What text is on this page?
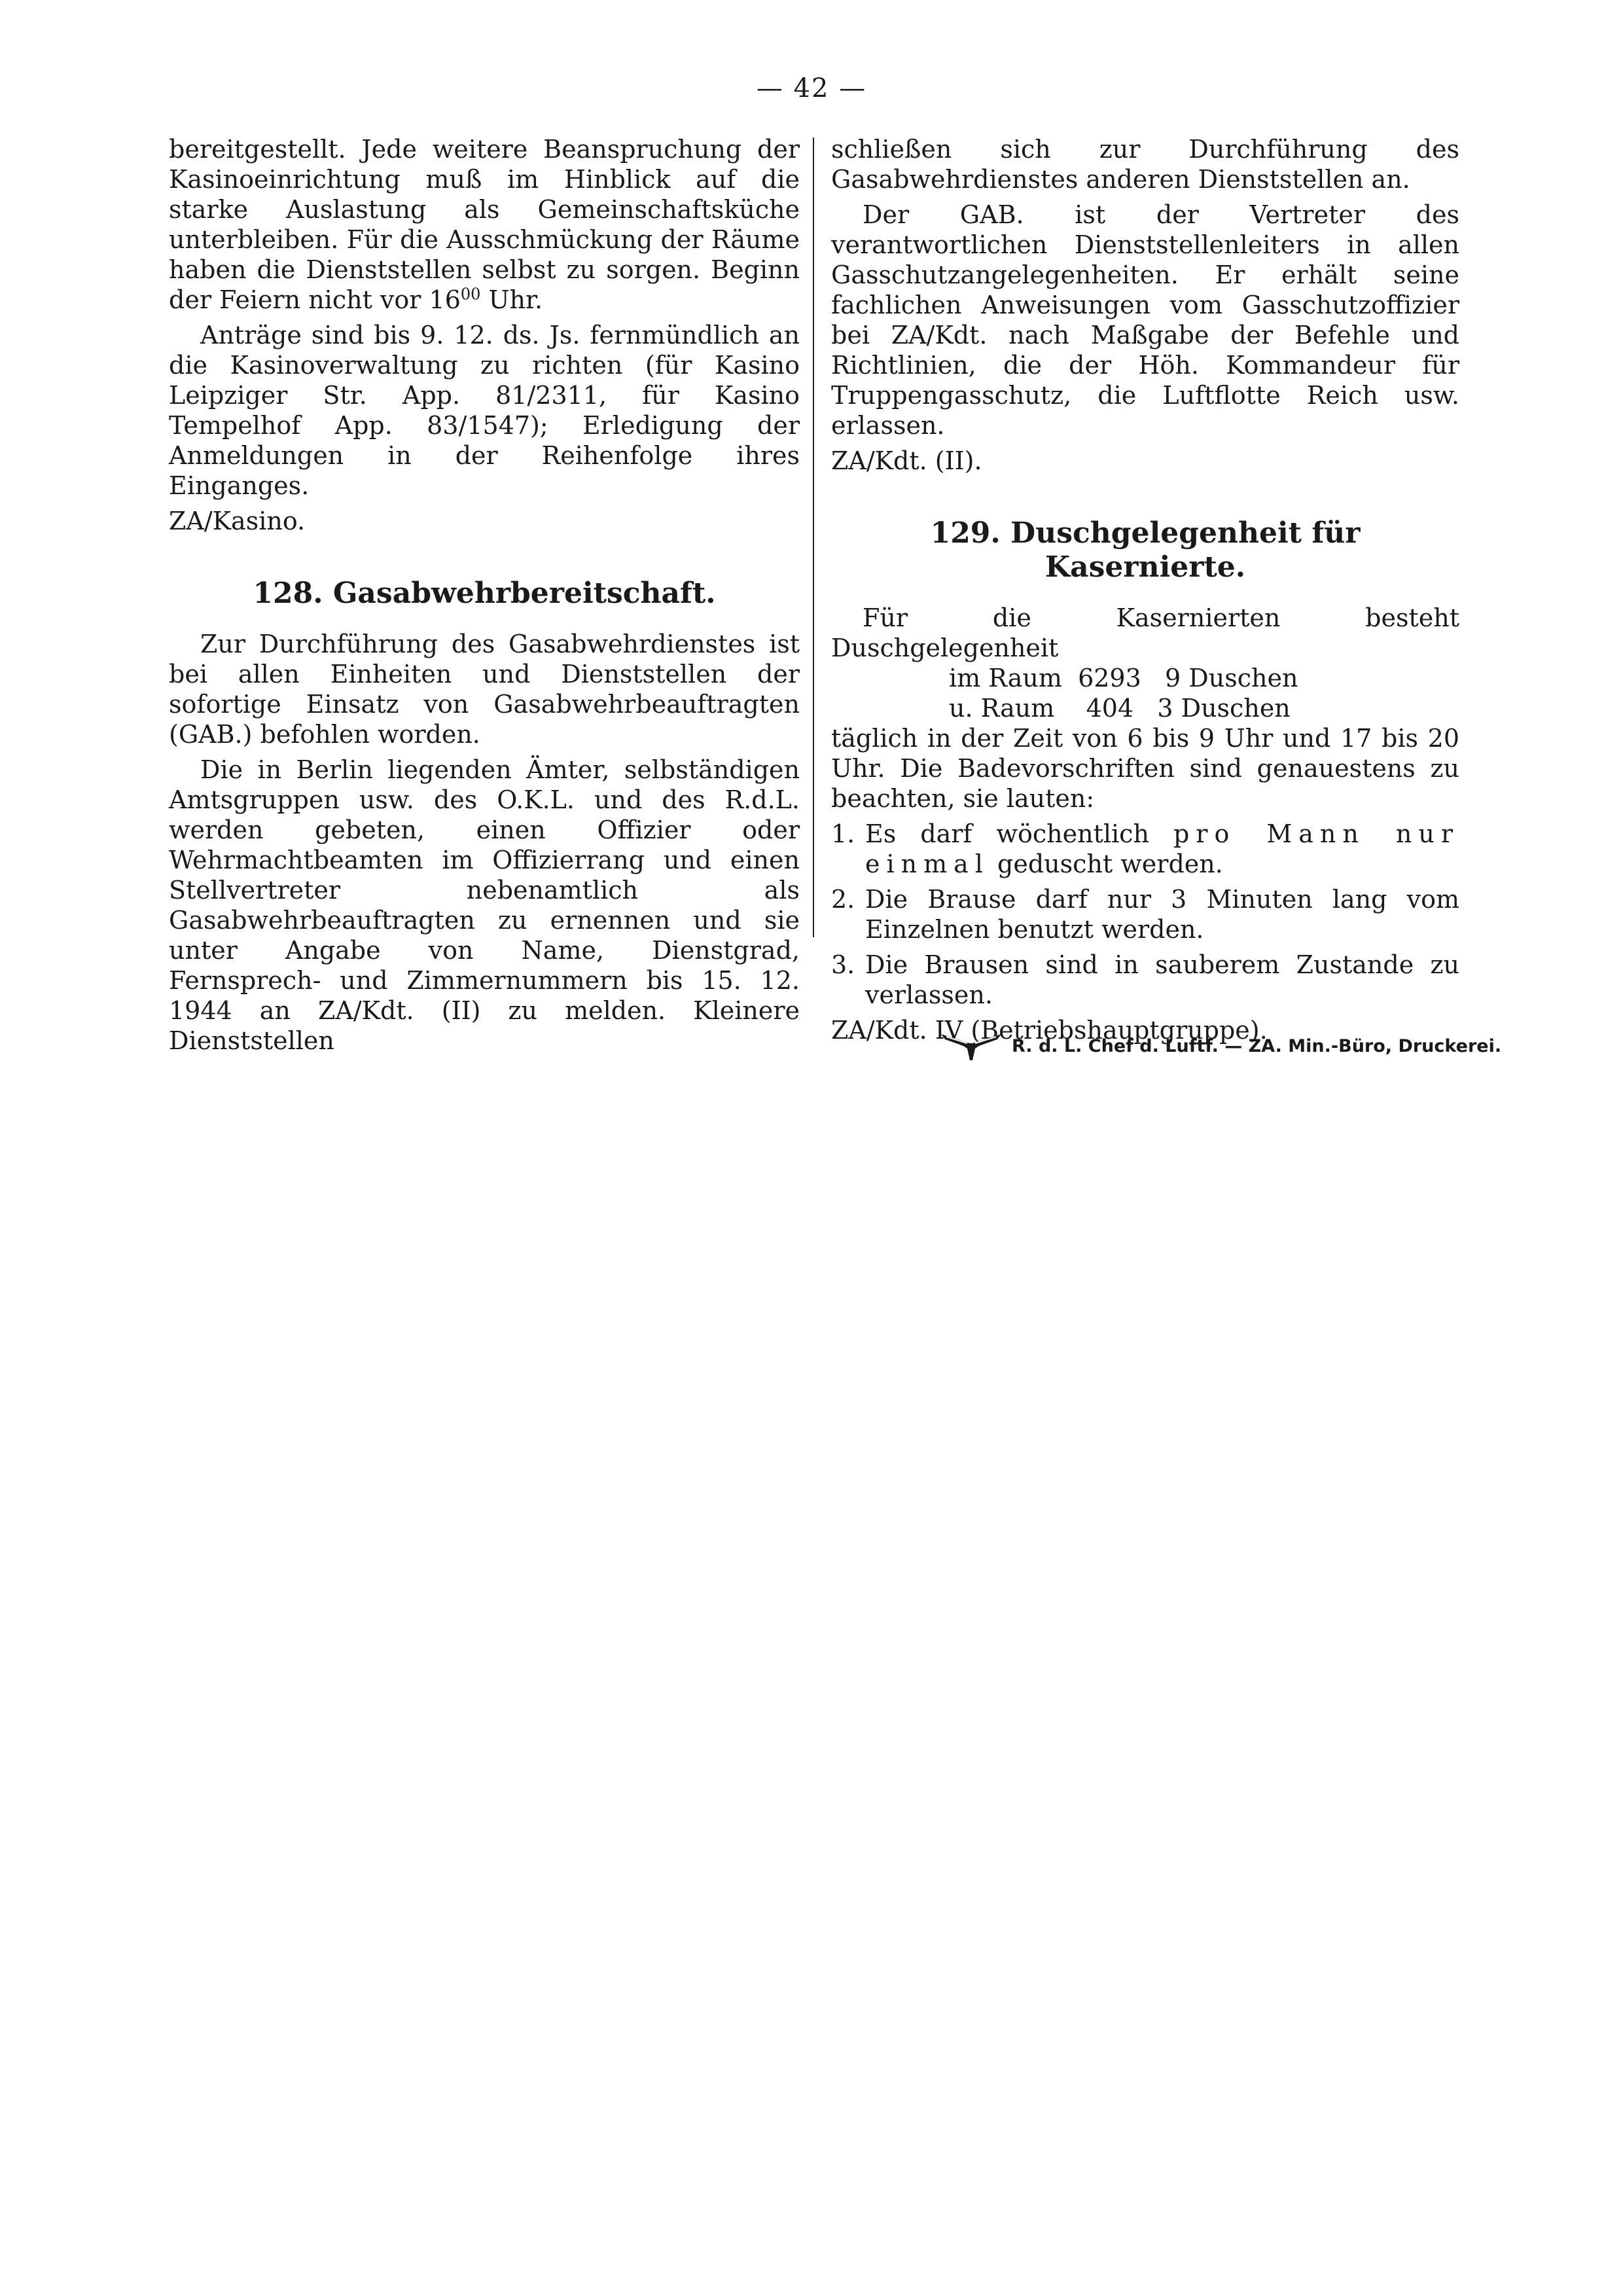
— 42 —

bereitgestellt. Jede weitere Beanspruchung der Kasinoeinrichtung muß im Hinblick auf die starke Auslastung als Gemeinschaftsküche unterbleiben. Für die Ausschmückung der Räume haben die Dienststellen selbst zu sorgen. Beginn der Feiern nicht vor $16^{00}$ Uhr.

Anträge sind bis 9. 12. ds. Js. fernmündlich an die Kasinoverwaltung zu richten (für Kasino Leipziger Str. App. 81/2311, für Kasino Tempelhof App. 83/1547); Erledigung der Anmeldungen in der Reihenfolge ihres Einganges.

ZA/Kasino.

128. Gasabwehrbereitschaft.

Zur Durchführung des Gasabwehrdienstes ist bei allen Einheiten und Dienststellen der sofortige Einsatz von Gasabwehrbeauftragten (GAB.) befohlen worden.

Die in Berlin liegenden Ämter, selbständigen Amtsgruppen usw. des O.K.L. und des R.d.L. werden gebeten, einen Offizier oder Wehrmachtbeamten im Offizierrang und einen Stellvertreter nebenamtlich als Gasabwehrbeauftragten zu ernennen und sie unter Angabe von Name, Dienstgrad, Fernsprech- und Zimmernummern bis 15. 12. 1944 an ZA/Kdt. (II) zu melden. Kleinere Dienststellen

schließen sich zur Durchführung des Gasabwehrdienstes anderen Dienststellen an.

Der GAB. ist der Vertreter des verantwortlichen Dienststellenleiters in allen Gasschutzangelegenheiten. Er erhält seine fachlichen Anweisungen vom Gasschutzoffizier bei ZA/Kdt. nach Maßgabe der Befehle und Richtlinien, die der Höh. Kommandeur für Truppengasschutz, die Luftflotte Reich usw. erlassen.

ZA/Kdt. (II).

129. Duschgelegenheit für Kasernierte.

Für die Kasernierten besteht Duschgelegenheit

im Raum  6293   9 Duschen

u. Raum    404   3 Duschen

täglich in der Zeit von 6 bis 9 Uhr und 17 bis 20 Uhr. Die Badevorschriften sind genauestens zu beachten, sie lauten:

1. Es darf wöchentlich pro Mann nur einmal geduscht werden.
2. Die Brause darf nur 3 Minuten lang vom Einzelnen benutzt werden.
3. Die Brausen sind in sauberem Zustande zu verlassen.

ZA/Kdt. IV (Betriebshauptgruppe).

R. d. L. Chef d. Luftf. — ZA. Min.-Büro, Druckerei.
